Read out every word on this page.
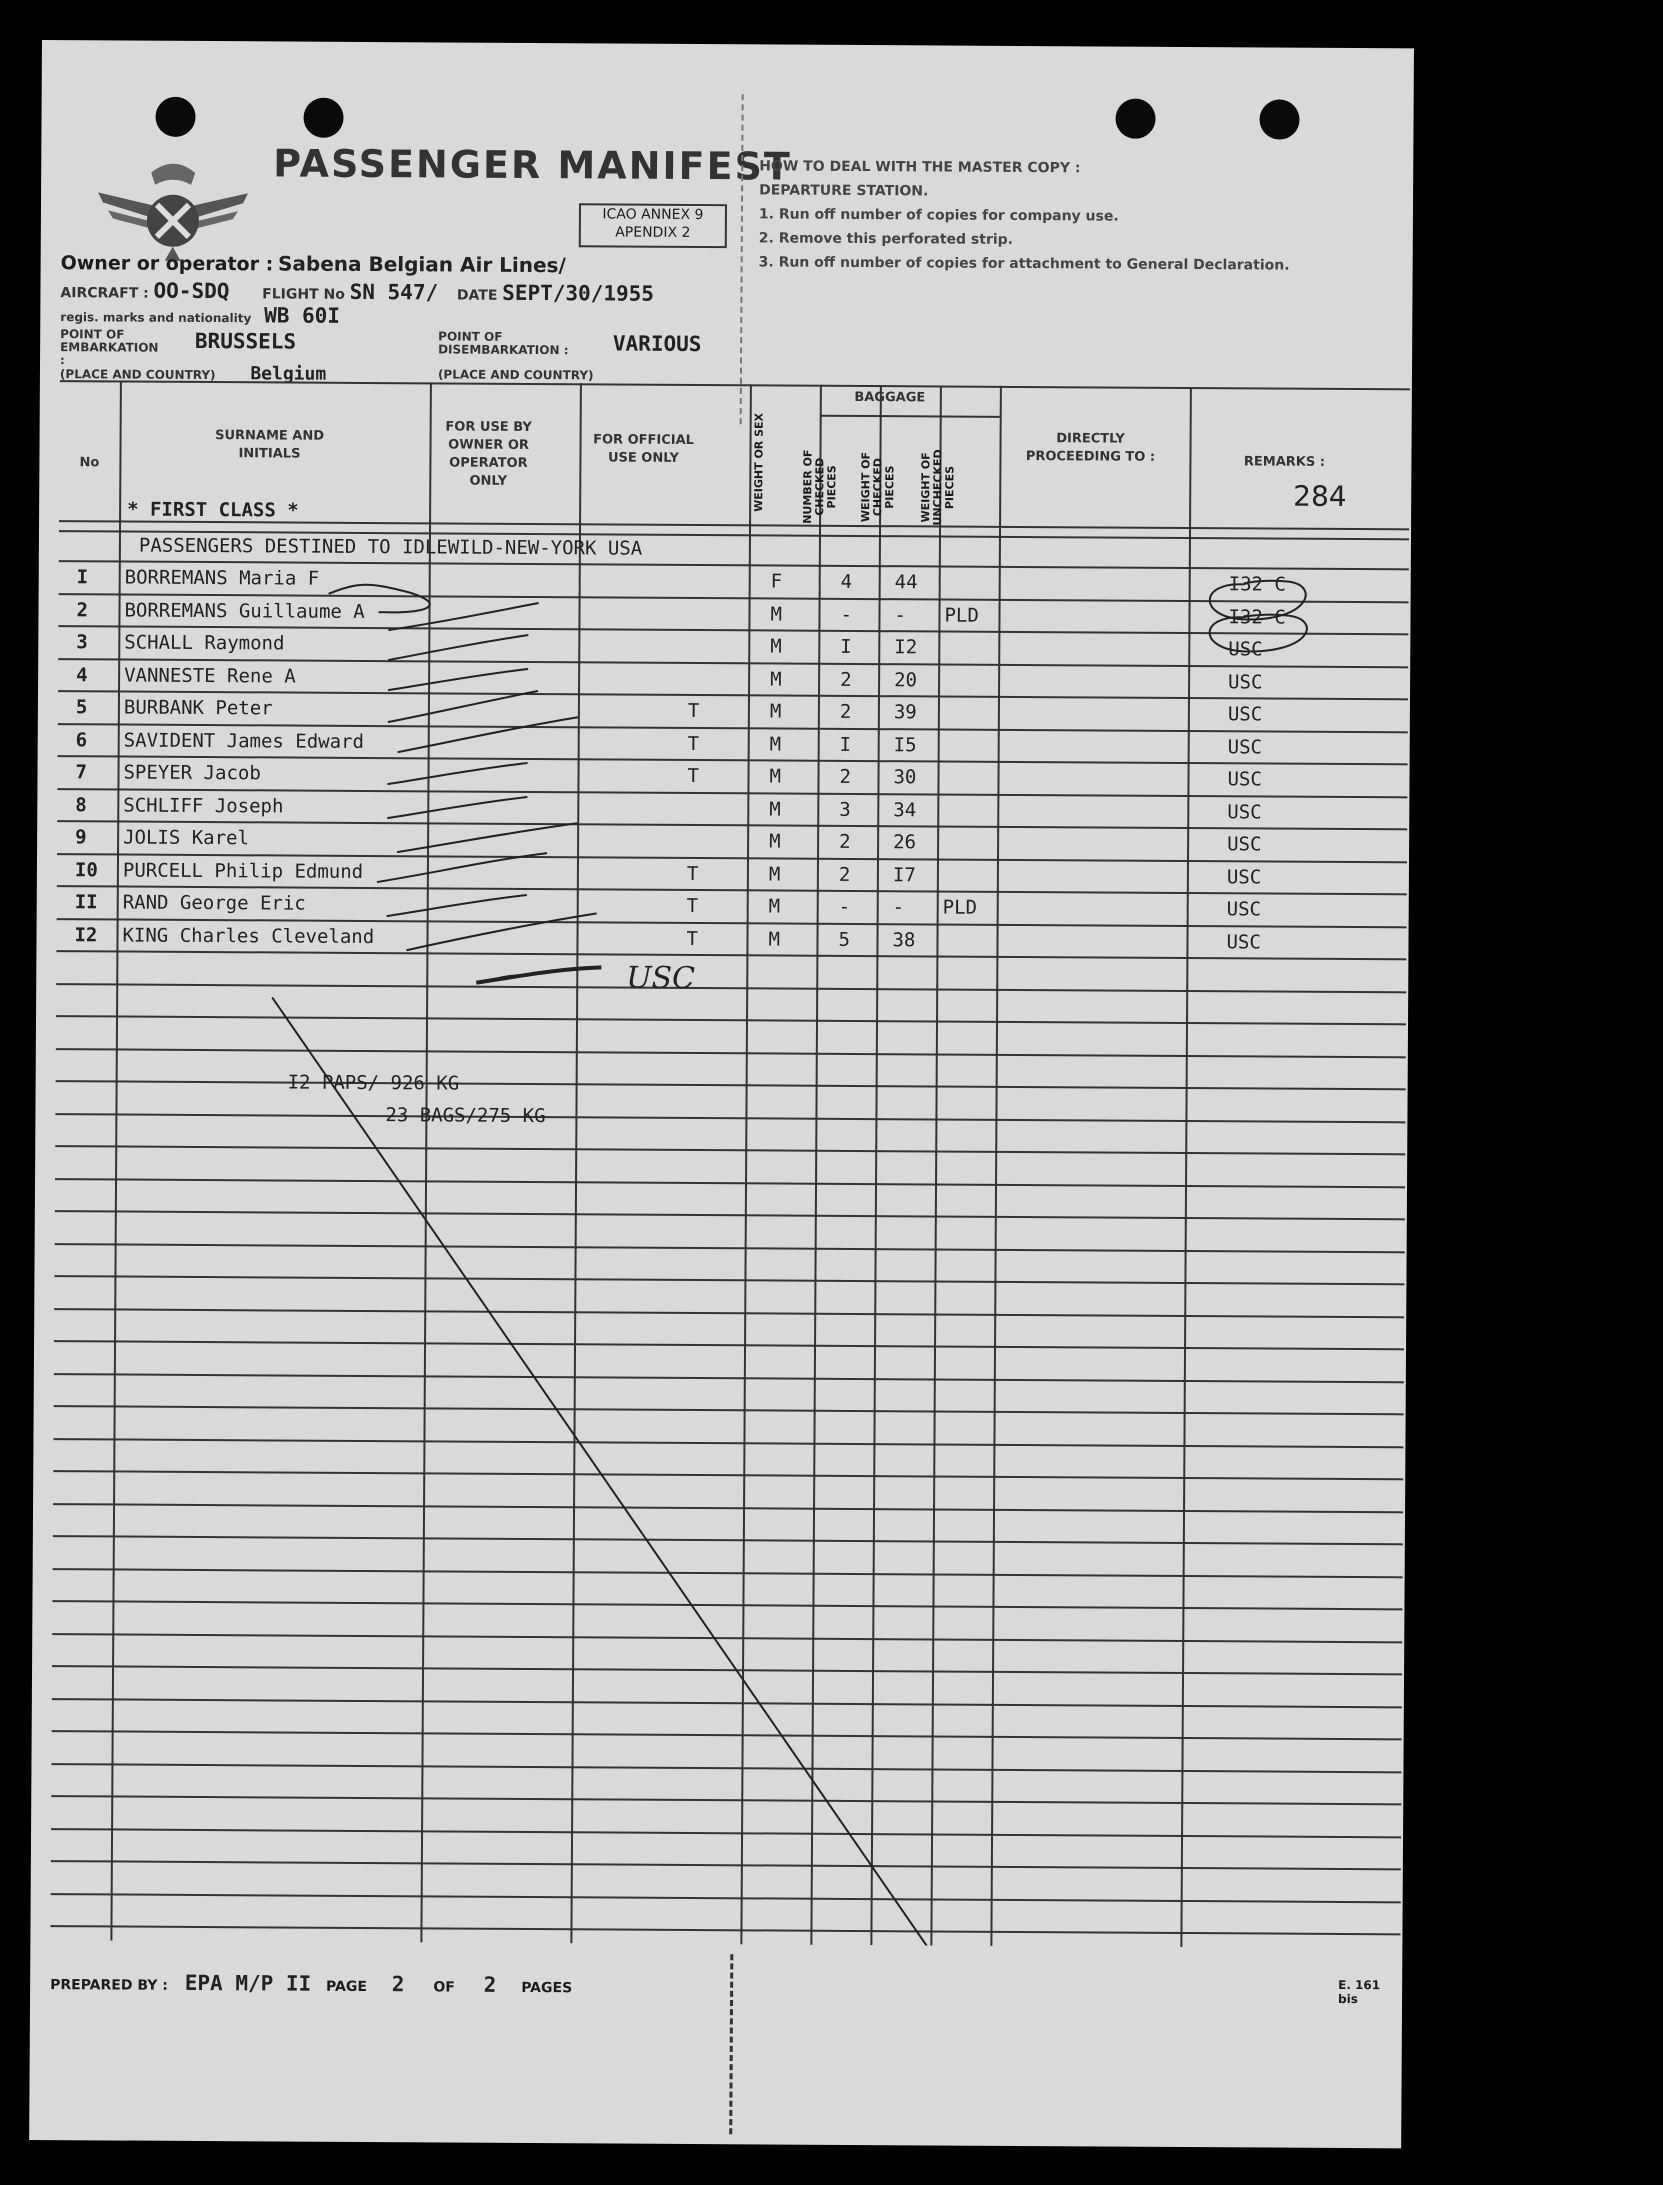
PASSENGER MANIFEST
ICAO ANNEX 9
APENDIX 2
HOW TO DEAL WITH THE MASTER COPY :
DEPARTURE STATION.
1. Run off number of copies for company use.
2. Remove this perforated strip.
3. Run off number of copies for attachment to General Declaration.
Owner or operator : Sabena Belgian Air Lines/
AIRCRAFT : OO-SDQ FLIGHT No SN 547/ DATE SEPT/30/1955
regis. marks and nationality WB 60I
POINT OF EMBARKATION : BRUSSELS
(PLACE AND COUNTRY) Belgium
POINT OF DISEMBARKATION : VARIOUS
(PLACE AND COUNTRY)
No
SURNAME AND INITIALS
FOR USE BY OWNER OR OPERATOR ONLY
FOR OFFICIAL USE ONLY	WEIGHT OR SEX
BAGGAGE
NUMBER OF CHECKED PIECES WEIGHT OF CHECKED PIECES WEIGHT OF UNCHECKED PIECES
DIRECTLY PROCEEDING TO :	REMARKS :
284
* FIRST CLASS *
PASSENGERS DESTINED TO IDLEWILD-NEW-YORK USA
I BORREMANS Maria F	F	4 44	I32 C
2 BORREMANS Guillaume A	M	- - PLD	I32 C
3 SCHALL Raymond	M	I I2	USC
4 VANNESTE Rene A	M	2 20	USC
5 BURBANK Peter	T	M	2 39	USC
6 SAVIDENT James Edward	T	M	I I5	USC
7 SPEYER Jacob	T	M	2 30	USC
8 SCHLIFF Joseph	M	3 34	USC
9 JOLIS Karel	M	2 26	USC
I0 PURCELL Philip Edmund	T	M	2 I7	USC
II RAND George Eric	T	M	- - PLD	USC
I2 KING Charles Cleveland	T	M	5 38	USC
USC
I2 PAPS/ 926 KG
23 BAGS/275 KG
PREPARED BY : EPA M/P II PAGE 2 OF 2 PAGES	E. 161 bis
